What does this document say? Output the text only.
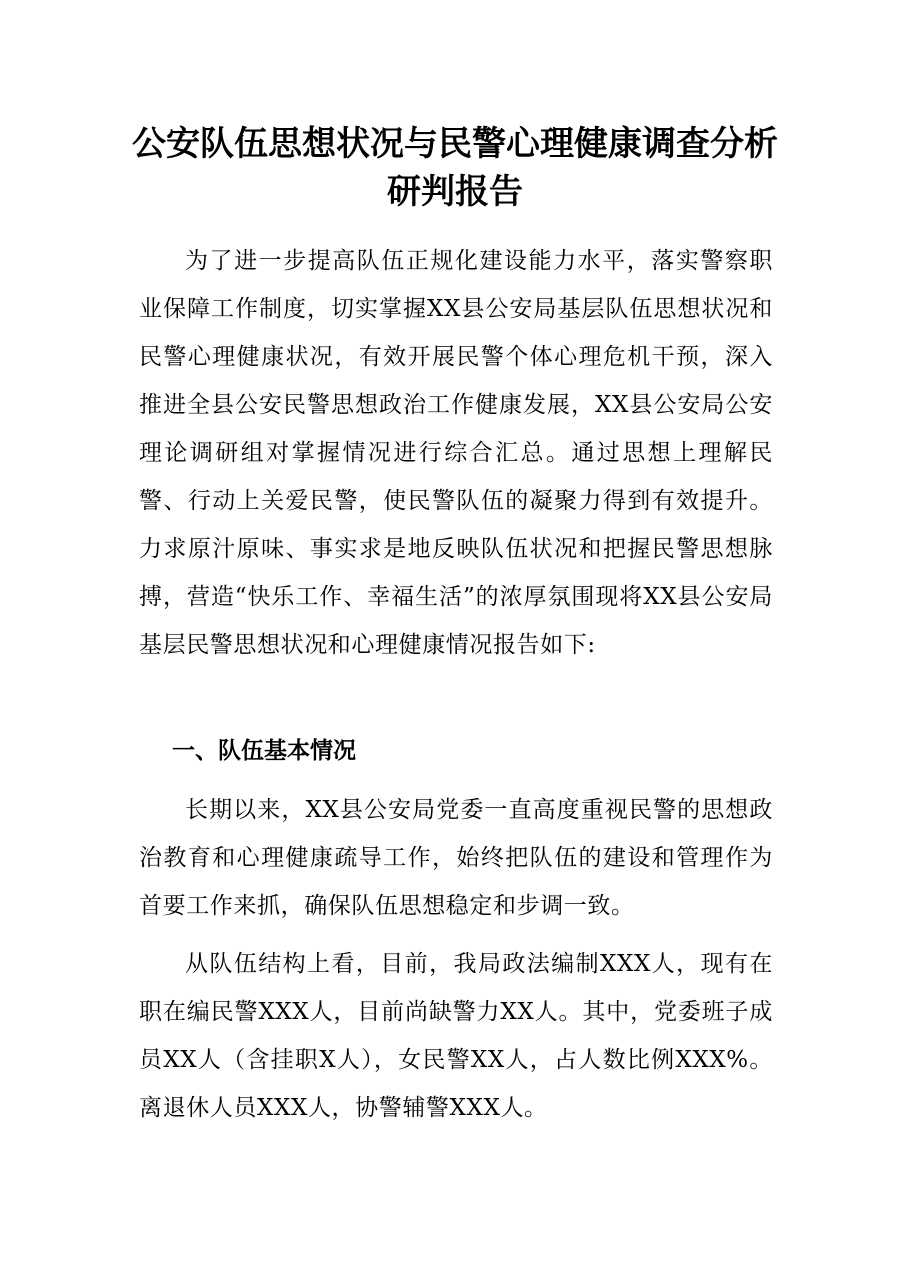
公安队伍思想状况与民警心理健康调查分析研判报告

为了进一步提高队伍正规化建设能力水平，落实警察职业保障工作制度，切实掌握XX县公安局基层队伍思想状况和民警心理健康状况，有效开展民警个体心理危机干预，深入推进全县公安民警思想政治工作健康发展，XX县公安局公安理论调研组对掌握情况进行综合汇总。通过思想上理解民警、行动上关爱民警，使民警队伍的凝聚力得到有效提升。力求原汁原味、事实求是地反映队伍状况和把握民警思想脉搏，营造“快乐工作、幸福生活”的浓厚氛围现将XX县公安局基层民警思想状况和心理健康情况报告如下:

一、队伍基本情况

长期以来，XX县公安局党委一直高度重视民警的思想政治教育和心理健康疏导工作，始终把队伍的建设和管理作为首要工作来抓，确保队伍思想稳定和步调一致。

从队伍结构上看，目前，我局政法编制XXX人，现有在职在编民警XXX人，目前尚缺警力XX人。其中，党委班子成员XX人（含挂职X人），女民警XX人，占人数比例XXX%。离退休人员XXX人，协警辅警XXX人。
